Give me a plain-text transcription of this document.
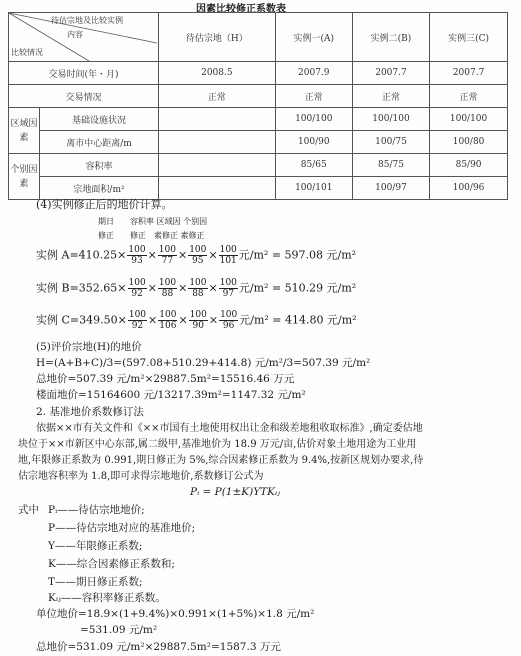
因素比较修正系数表
待估宗地及比较实例
内容
比较情况		待估宗地（H）	实例一(A)	实例二(B)	实例三(C)
交易时间(年・月)		2008.5	2007.9	2007.7	2007.7
交易情况		正常	正常	正常	正常
区域因素	基础设施状况		100/100	100/100	100/100
	离市中心距离/m		100/90	100/75	100/80
个别因素	容积率		85/65	85/75	85/90
	宗地面积/m²		100/101	100/97	100/96
(4)实例修正后的地价计算。
期日　　容积率 区域因 个别因
修正　　修正　素修正 素修正
实例 $A=410.25\times \frac{100}{93} \times \frac{100}{77} \times \frac{100}{95} \times \frac{100}{101}$ 元/m² = 597.08 元/m²
实例 $B=352.65\times \frac{100}{92} \times \frac{100}{88} \times \frac{100}{88} \times \frac{100}{97}$ 元/m² = 510.29 元/m²
实例 $C=349.50\times \frac{100}{92} \times \frac{100}{106} \times \frac{100}{90} \times \frac{100}{96}$ 元/m² = 414.80 元/m²
(5)评价宗地(H)的地价
H=(A+B+C)/3=(597.08+510.29+414.8) 元/m²/3=507.39 元/m²
总地价=507.39 元/m²×29887.5m²=15516.46 万元
楼面地价=15164600 元/13217.39m²=1147.32 元/m²
2. 基准地价系数修订法
依据××市有关文件和《××市国有土地使用权出让金和级差地租收取标准》,确定委估地
块位于××市新区中心东部,属二级甲,基准地价为 18.9 万元/亩,估价对象土地用途为工业用
地,年限修正系数为 0.991,期日修正为 5%,综合因素修正系数为 9.4%,按新区规划办要求,待
估宗地容积率为 1.8,即可求得宗地地价,系数修订公式为
Pᵢ = P(1±K)YTKᵢⱼ
式中 Pᵢ——待估宗地地价;
P——待估宗地对应的基准地价;
Y——年限修正系数;
K——综合因素修正系数和;
T——期日修正系数;
Kᵢⱼ——容积率修正系数。
单位地价=18.9×(1+9.4%)×0.991×(1+5%)×1.8 元/m²
=531.09 元/m²
总地价=531.09 元/m²×29887.5m²=1587.3 万元
